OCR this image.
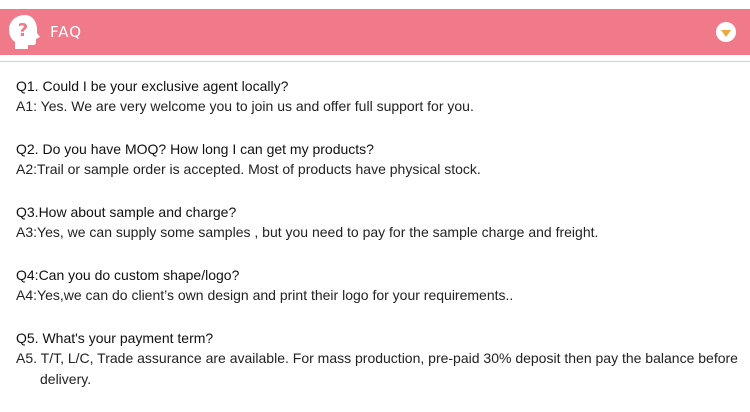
? FAQ
Q1. Could I be your exclusive agent locally?
A1: Yes. We are very welcome you to join us and offer full support for you.
Q2. Do you have MOQ? How long I can get my products?
A2:Trail or sample order is accepted. Most of products have physical stock.
Q3.How about sample and charge?
A3:Yes, we can supply some samples , but you need to pay for the sample charge and freight.
Q4:Can you do custom shape/logo?
A4:Yes,we can do client’s own design and print their logo for your requirements..
Q5. What's your payment term?
A5. T/T, L/C, Trade assurance are available. For mass production, pre-paid 30% deposit then pay the balance before delivery.
